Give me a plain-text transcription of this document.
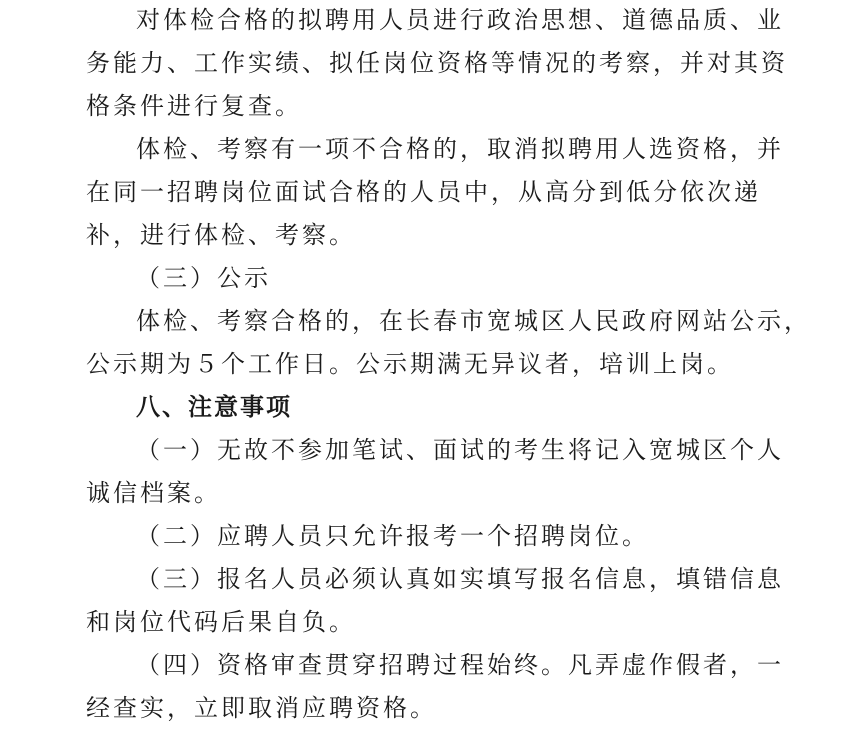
对体检合格的拟聘用人员进行政治思想、道德品质、业
务能力、工作实绩、拟任岗位资格等情况的考察，并对其资
格条件进行复查。
体检、考察有一项不合格的，取消拟聘用人选资格，并
在同一招聘岗位面试合格的人员中，从高分到低分依次递
补，进行体检、考察。
（三）公示
体检、考察合格的，在长春市宽城区人民政府网站公示，
公示期为５个工作日。公示期满无异议者，培训上岗。
八、注意事项
（一）无故不参加笔试、面试的考生将记入宽城区个人
诚信档案。
（二）应聘人员只允许报考一个招聘岗位。
（三）报名人员必须认真如实填写报名信息，填错信息
和岗位代码后果自负。
（四）资格审查贯穿招聘过程始终。凡弄虚作假者，一
经查实，立即取消应聘资格。
